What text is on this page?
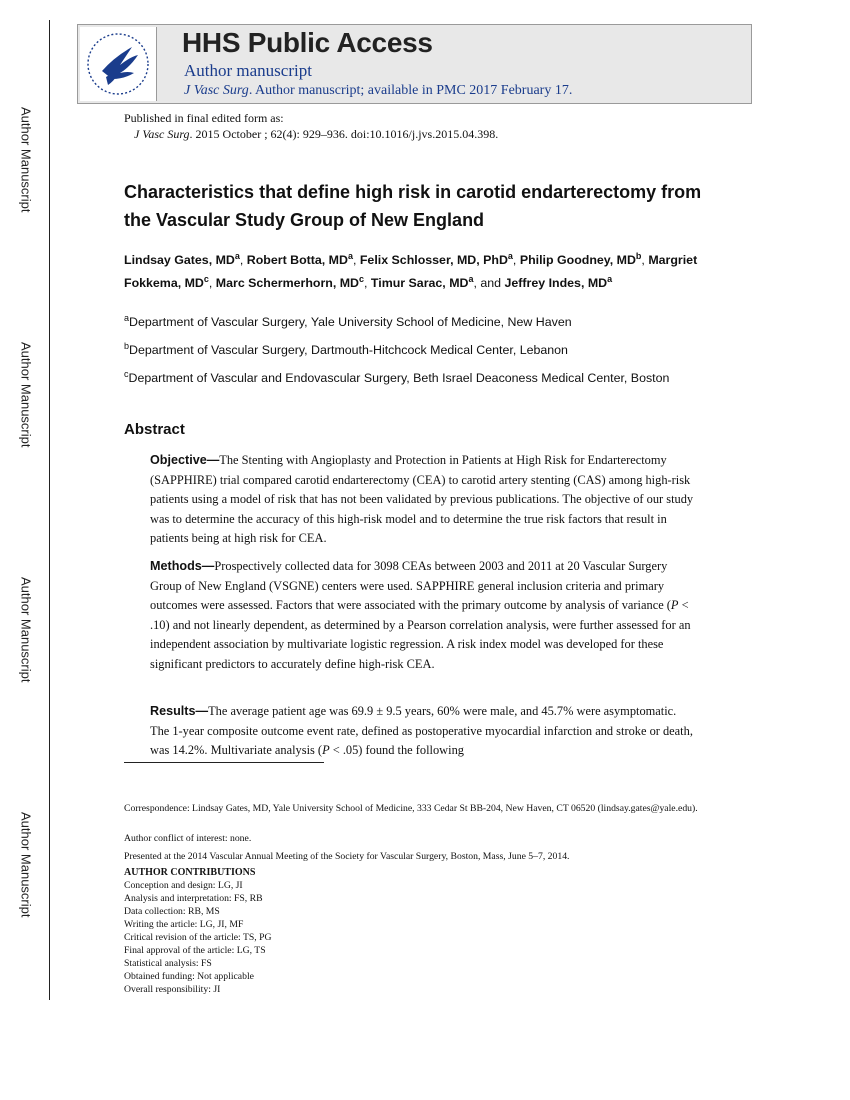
Author Manuscript
Author Manuscript
Author Manuscript
Author Manuscript
HHS Public Access
Author manuscript
J Vasc Surg. Author manuscript; available in PMC 2017 February 17.
Published in final edited form as:
J Vasc Surg. 2015 October ; 62(4): 929–936. doi:10.1016/j.jvs.2015.04.398.
Characteristics that define high risk in carotid endarterectomy from the Vascular Study Group of New England
Lindsay Gates, $MD^a$, Robert Botta, $MD^a$, Felix Schlosser, MD, PhD$^a$, Philip Goodney, $MD^b$, Margriet Fokkema, $MD^c$, Marc Schermerhorn, $MD^c$, Timur Sarac, $MD^a$, and Jeffrey Indes, $MD^a$
$^a$Department of Vascular Surgery, Yale University School of Medicine, New Haven
$^b$Department of Vascular Surgery, Dartmouth-Hitchcock Medical Center, Lebanon
$^c$Department of Vascular and Endovascular Surgery, Beth Israel Deaconess Medical Center, Boston
Abstract
Objective—The Stenting with Angioplasty and Protection in Patients at High Risk for Endarterectomy (SAPPHIRE) trial compared carotid endarterectomy (CEA) to carotid artery stenting (CAS) among high-risk patients using a model of risk that has not been validated by previous publications. The objective of our study was to determine the accuracy of this high-risk model and to determine the true risk factors that result in patients being at high risk for CEA.
Methods—Prospectively collected data for 3098 CEAs between 2003 and 2011 at 20 Vascular Surgery Group of New England (VSGNE) centers were used. SAPPHIRE general inclusion criteria and primary outcomes were assessed. Factors that were associated with the primary outcome by analysis of variance (P < .10) and not linearly dependent, as determined by a Pearson correlation analysis, were further assessed for an independent association by multivariate logistic regression. A risk index model was developed for these significant predictors to accurately define high-risk CEA.
Results—The average patient age was 69.9 ± 9.5 years, 60% were male, and 45.7% were asymptomatic. The 1-year composite outcome event rate, defined as postoperative myocardial infarction and stroke or death, was 14.2%. Multivariate analysis (P < .05) found the following
Correspondence: Lindsay Gates, MD, Yale University School of Medicine, 333 Cedar St BB-204, New Haven, CT 06520 (lindsay.gates@yale.edu).
Author conflict of interest: none.
Presented at the 2014 Vascular Annual Meeting of the Society for Vascular Surgery, Boston, Mass, June 5–7, 2014.
AUTHOR CONTRIBUTIONS
Conception and design: LG, JI
Analysis and interpretation: FS, RB
Data collection: RB, MS
Writing the article: LG, JI, MF
Critical revision of the article: TS, PG
Final approval of the article: LG, TS
Statistical analysis: FS
Obtained funding: Not applicable
Overall responsibility: JI
